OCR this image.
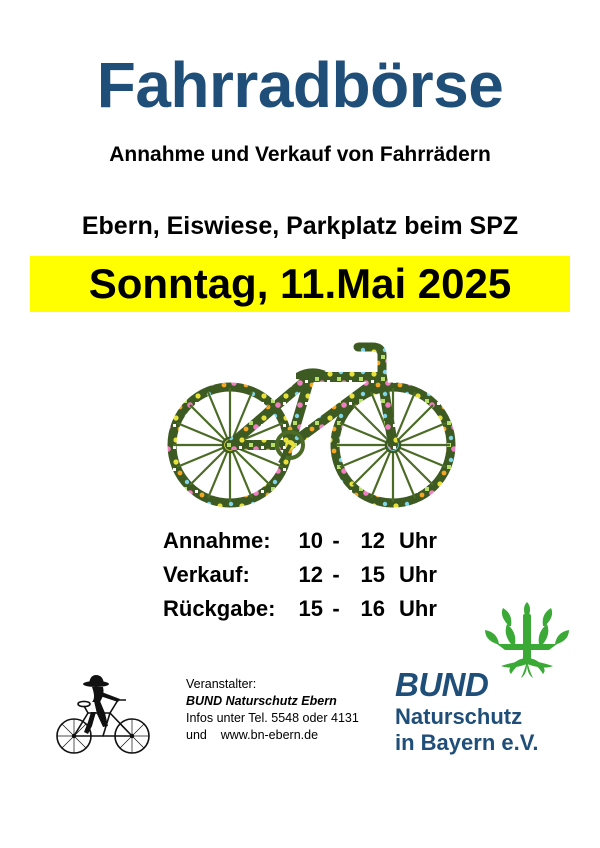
Fahrradbörse
Annahme und Verkauf von Fahrrädern
Ebern, Eiswiese, Parkplatz beim SPZ
Sonntag, 11.Mai 2025
Annahme:	10 - 12 Uhr
Verkauf:	12 - 15 Uhr
Rückgabe:	15 - 16 Uhr
Veranstalter:
BUND Naturschutz Ebern
Infos unter Tel. 5548 oder 4131
und    www.bn-ebern.de
BUND
Naturschutz
in Bayern e.V.
